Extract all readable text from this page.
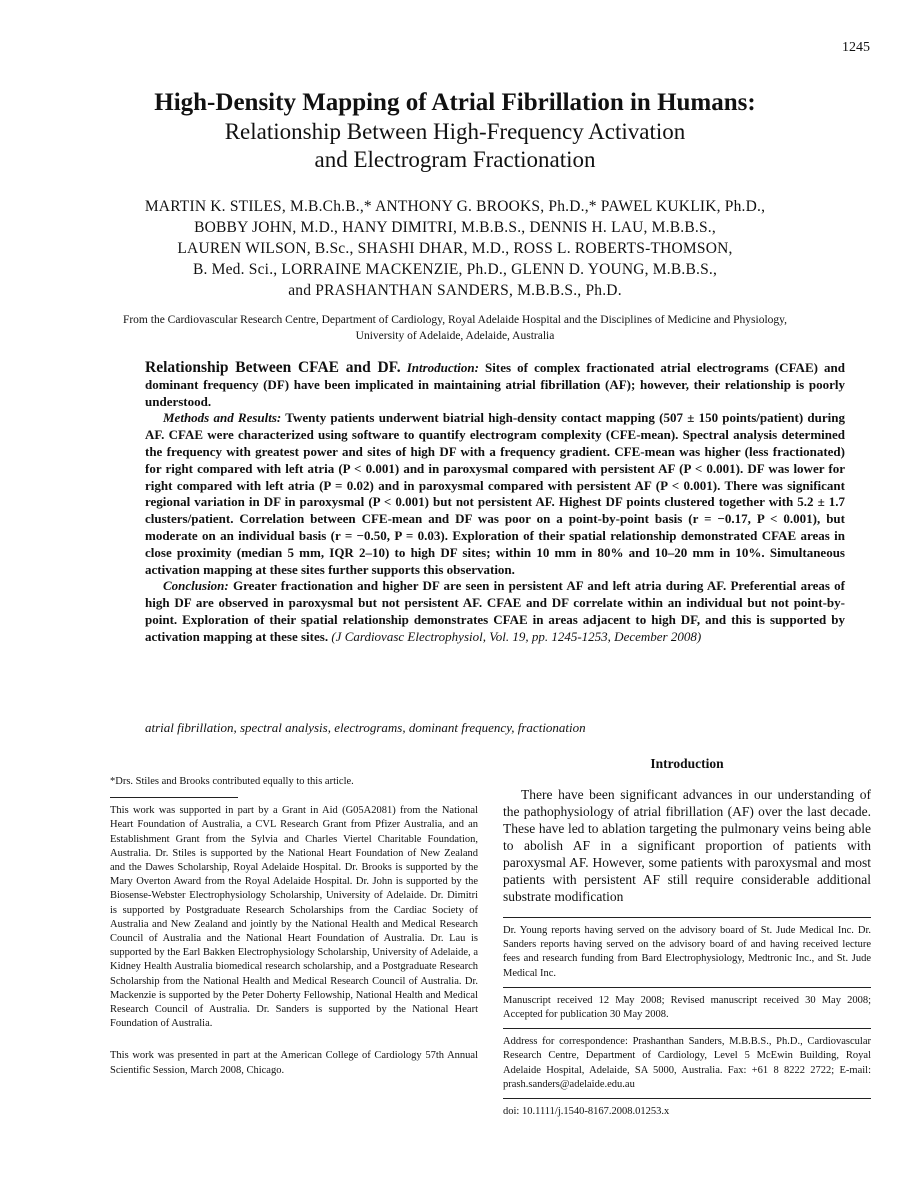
1245
High-Density Mapping of Atrial Fibrillation in Humans:
Relationship Between High-Frequency Activation
and Electrogram Fractionation
MARTIN K. STILES, M.B.Ch.B.,* ANTHONY G. BROOKS, Ph.D.,* PAWEL KUKLIK, Ph.D.,
BOBBY JOHN, M.D., HANY DIMITRI, M.B.B.S., DENNIS H. LAU, M.B.B.S.,
LAUREN WILSON, B.Sc., SHASHI DHAR, M.D., ROSS L. ROBERTS-THOMSON,
B. Med. Sci., LORRAINE MACKENZIE, Ph.D., GLENN D. YOUNG, M.B.B.S.,
and PRASHANTHAN SANDERS, M.B.B.S., Ph.D.
From the Cardiovascular Research Centre, Department of Cardiology, Royal Adelaide Hospital and the Disciplines of Medicine and Physiology, University of Adelaide, Adelaide, Australia

Relationship Between CFAE and DF. Introduction: Sites of complex fractionated atrial electrograms (CFAE) and dominant frequency (DF) have been implicated in maintaining atrial fibrillation (AF); however, their relationship is poorly understood.

Methods and Results: Twenty patients underwent biatrial high-density contact mapping (507 ± 150 points/patient) during AF. CFAE were characterized using software to quantify electrogram complexity (CFE-mean). Spectral analysis determined the frequency with greatest power and sites of high DF with a frequency gradient. CFE-mean was higher (less fractionated) for right compared with left atria (P < 0.001) and in paroxysmal compared with persistent AF (P < 0.001). DF was lower for right compared with left atria (P = 0.02) and in paroxysmal compared with persistent AF (P < 0.001). There was significant regional variation in DF in paroxysmal (P < 0.001) but not persistent AF. Highest DF points clustered together with 5.2 ± 1.7 clusters/patient. Correlation between CFE-mean and DF was poor on a point-by-point basis (r = −0.17, P < 0.001), but moderate on an individual basis (r = −0.50, P = 0.03). Exploration of their spatial relationship demonstrated CFAE areas in close proximity (median 5 mm, IQR 2–10) to high DF sites; within 10 mm in 80% and 10–20 mm in 10%. Simultaneous activation mapping at these sites further supports this observation.

Conclusion: Greater fractionation and higher DF are seen in persistent AF and left atria during AF. Preferential areas of high DF are observed in paroxysmal but not persistent AF. CFAE and DF correlate within an individual but not point-by-point. Exploration of their spatial relationship demonstrates CFAE in areas adjacent to high DF, and this is supported by activation mapping at these sites. (J Cardiovasc Electrophysiol, Vol. 19, pp. 1245-1253, December 2008)

atrial fibrillation, spectral analysis, electrograms, dominant frequency, fractionation

*Drs. Stiles and Brooks contributed equally to this article.

This work was supported in part by a Grant in Aid (G05A2081) from the National Heart Foundation of Australia, a CVL Research Grant from Pfizer Australia, and an Establishment Grant from the Sylvia and Charles Viertel Charitable Foundation, Australia. Dr. Stiles is supported by the National Heart Foundation of New Zealand and the Dawes Scholarship, Royal Adelaide Hospital. Dr. Brooks is supported by the Mary Overton Award from the Royal Adelaide Hospital. Dr. John is supported by the Biosense-Webster Electrophysiology Scholarship, University of Adelaide. Dr. Dimitri is supported by Postgraduate Research Scholarships from the Cardiac Society of Australia and New Zealand and jointly by the National Health and Medical Research Council of Australia and the National Heart Foundation of Australia. Dr. Lau is supported by the Earl Bakken Electrophysiology Scholarship, University of Adelaide, a Kidney Health Australia biomedical research scholarship, and a Postgraduate Research Scholarship from the National Health and Medical Research Council of Australia. Dr. Mackenzie is supported by the Peter Doherty Fellowship, National Health and Medical Research Council of Australia. Dr. Sanders is supported by the National Heart Foundation of Australia.

This work was presented in part at the American College of Cardiology 57th Annual Scientific Session, March 2008, Chicago.

Introduction

There have been significant advances in our understanding of the pathophysiology of atrial fibrillation (AF) over the last decade. These have led to ablation targeting the pulmonary veins being able to abolish AF in a significant proportion of patients with paroxysmal AF. However, some patients with paroxysmal and most patients with persistent AF still require considerable additional substrate modification

Dr. Young reports having served on the advisory board of St. Jude Medical Inc. Dr. Sanders reports having served on the advisory board of and having received lecture fees and research funding from Bard Electrophysiology, Medtronic Inc., and St. Jude Medical Inc.

Manuscript received 12 May 2008; Revised manuscript received 30 May 2008; Accepted for publication 30 May 2008.

Address for correspondence: Prashanthan Sanders, M.B.B.S., Ph.D., Cardiovascular Research Centre, Department of Cardiology, Level 5 McEwin Building, Royal Adelaide Hospital, Adelaide, SA 5000, Australia. Fax: +61 8 8222 2722; E-mail: prash.sanders@adelaide.edu.au

doi: 10.1111/j.1540-8167.2008.01253.x
